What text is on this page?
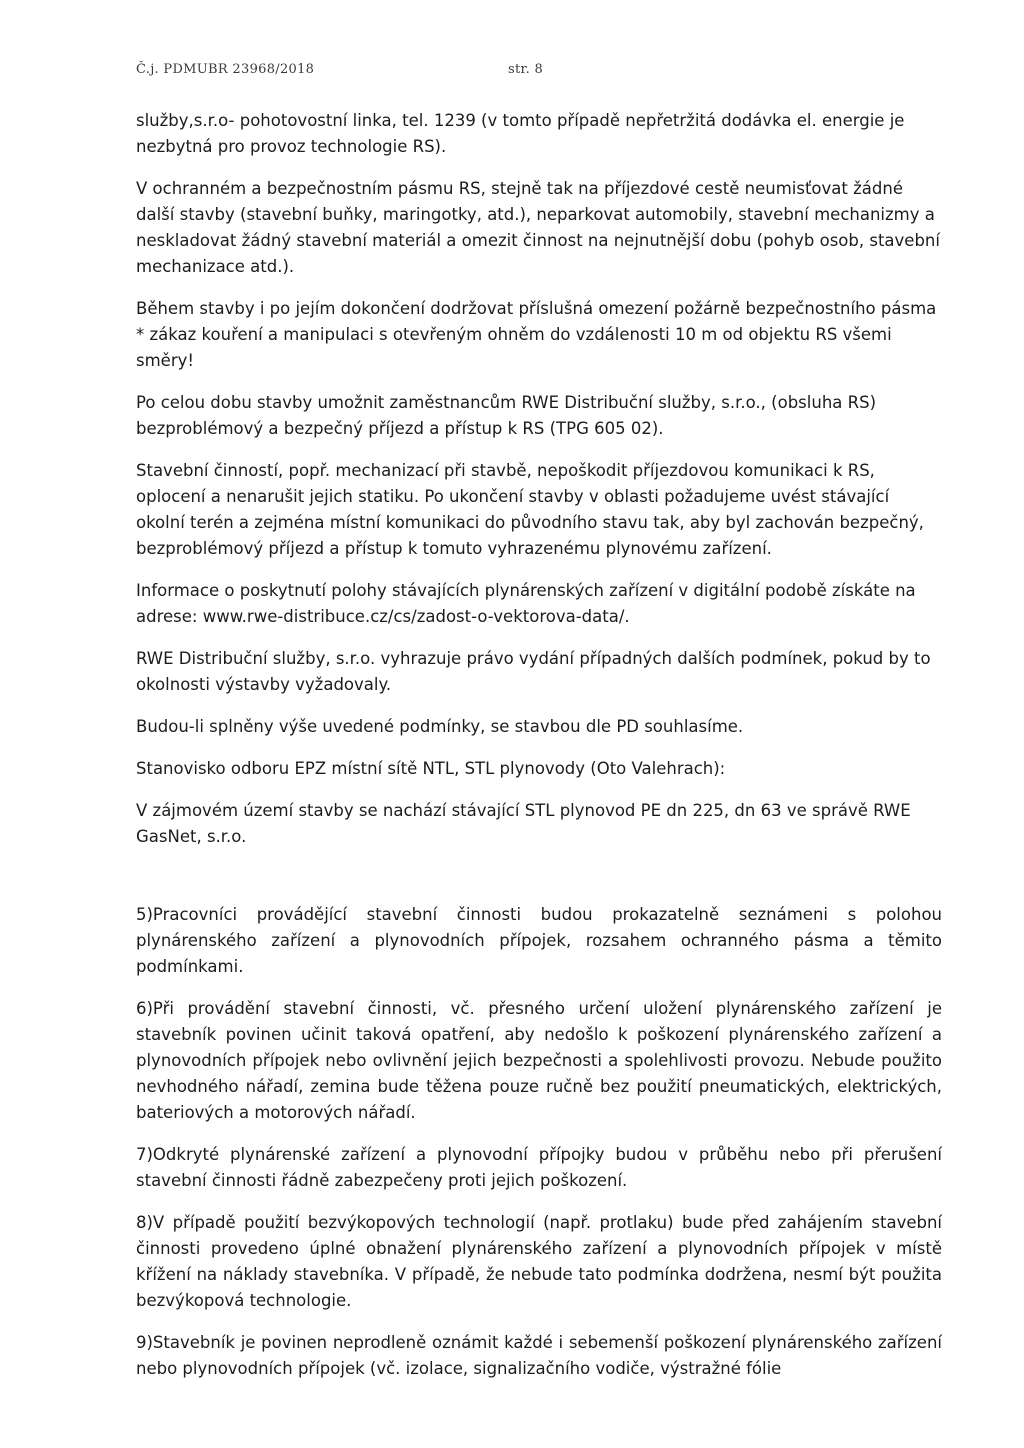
Č.j. PDMUBR 23968/2018	str. 8

služby,s.r.o- pohotovostní linka, tel. 1239 (v tomto případě nepřetržitá dodávka el. energie je nezbytná pro provoz technologie RS).

V ochranném a bezpečnostním pásmu RS, stejně tak na příjezdové cestě neumisťovat žádné další stavby (stavební buňky, maringotky, atd.), neparkovat automobily, stavební mechanizmy a neskladovat žádný stavební materiál a omezit činnost na nejnutnější dobu (pohyb osob, stavební mechanizace atd.).

Během stavby i po jejím dokončení dodržovat příslušná omezení požárně bezpečnostního pásma * zákaz kouření a manipulaci s otevřeným ohněm do vzdálenosti 10 m od objektu RS všemi směry!

Po celou dobu stavby umožnit zaměstnancům RWE Distribuční služby, s.r.o., (obsluha RS) bezproblémový a bezpečný příjezd a přístup k RS (TPG 605 02).

Stavební činností, popř. mechanizací při stavbě, nepoškodit příjezdovou komunikaci k RS, oplocení a nenarušit jejich statiku. Po ukončení stavby v oblasti požadujeme uvést stávající okolní terén a zejména místní komunikaci do původního stavu tak, aby byl zachován bezpečný, bezproblémový příjezd a přístup k tomuto vyhrazenému plynovému zařízení.

Informace o poskytnutí polohy stávajících plynárenských zařízení v digitální podobě získáte na adrese: www.rwe-distribuce.cz/cs/zadost-o-vektorova-data/.

RWE Distribuční služby, s.r.o. vyhrazuje právo vydání případných dalších podmínek, pokud by to okolnosti výstavby vyžadovaly.

Budou-li splněny výše uvedené podmínky, se stavbou dle PD souhlasíme.

Stanovisko odboru EPZ místní sítě NTL, STL plynovody (Oto Valehrach):

V zájmovém území stavby se nachází stávající STL plynovod PE dn 225, dn 63 ve správě RWE GasNet, s.r.o.

5)Pracovníci provádějící stavební činnosti budou prokazatelně seznámeni s polohou plynárenského zařízení a plynovodních přípojek, rozsahem ochranného pásma a těmito podmínkami.

6)Při provádění stavební činnosti, vč. přesného určení uložení plynárenského zařízení je stavebník povinen učinit taková opatření, aby nedošlo k poškození plynárenského zařízení a plynovodních přípojek nebo ovlivnění jejich bezpečnosti a spolehlivosti provozu. Nebude použito nevhodného nářadí, zemina bude těžena pouze ručně bez použití pneumatických, elektrických, bateriových a motorových nářadí.

7)Odkryté plynárenské zařízení a plynovodní přípojky budou v průběhu nebo při přerušení stavební činnosti řádně zabezpečeny proti jejich poškození.

8)V případě použití bezvýkopových technologií (např. protlaku) bude před zahájením stavební činnosti provedeno úplné obnažení plynárenského zařízení a plynovodních přípojek v místě křížení na náklady stavebníka. V případě, že nebude tato podmínka dodržena, nesmí být použita bezvýkopová technologie.

9)Stavebník je povinen neprodleně oznámit každé i sebemenší poškození plynárenského zařízení nebo plynovodních přípojek (vč. izolace, signalizačního vodiče, výstražné fólie
